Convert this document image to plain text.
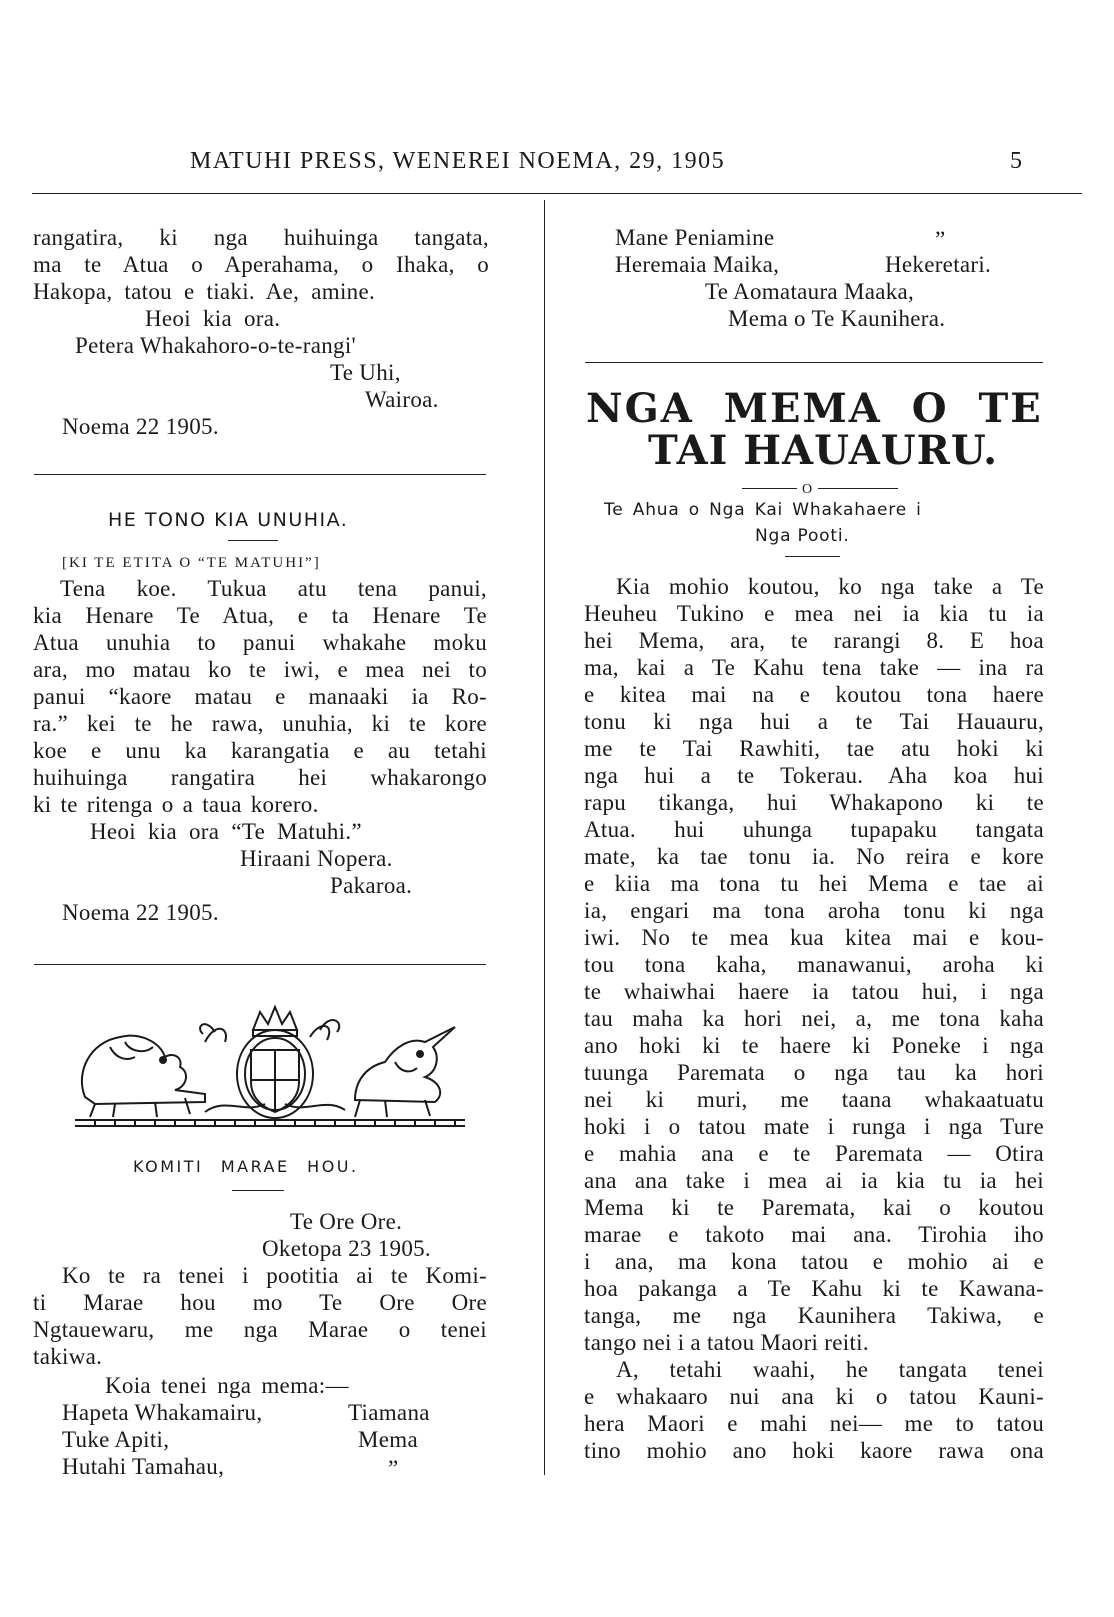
MATUHI PRESS, WENEREI NOEMA, 29, 1905	5
rangatira, ki nga huihuinga tangata,
ma te Atua o Aperahama, o Ihaka, o
Hakopa, tatou e tiaki. Ae, amine.
Heoi kia ora.
Petera Whakahoro-o-te-rangi'
Te Uhi,
Wairoa.
Noema 22 1905.
HE TONO KIA UNUHIA.
[KI TE ETITA O “TE MATUHI”]
Tena koe. Tukua atu tena panui,
kia Henare Te Atua, e ta Henare Te
Atua unuhia to panui whakahe moku
ara, mo matau ko te iwi, e mea nei to
panui “kaore matau e manaaki ia Ro-
ra.” kei te he rawa, unuhia, ki te kore
koe e unu ka karangatia e au tetahi
huihuinga rangatira hei whakarongo
ki te ritenga o a taua korero.
Heoi kia ora “Te Matuhi.”
Hiraani Nopera.
Pakaroa.
Noema 22 1905.
KOMITI MARAE HOU.
Te Ore Ore.
Oketopa 23 1905.
Ko te ra tenei i pootitia ai te Komi-
ti Marae hou mo Te Ore Ore
Ngtauewaru, me nga Marae o tenei
takiwa.
Koia tenei nga mema:—
Hapeta Whakamairu,	Tiamana
Tuke Apiti,	Mema
Hutahi Tamahau,	”
Mane Peniamine	”
Heremaia Maika,	Hekeretari.
Te Aomataura Maaka,
Mema o Te Kaunihera.
NGA MEMA O TE
TAI HAUAURU.
O
Te Ahua o Nga Kai Whakahaere i
Nga Pooti.
Kia mohio koutou, ko nga take a Te
Heuheu Tukino e mea nei ia kia tu ia
hei Mema, ara, te rarangi 8. E hoa
ma, kai a Te Kahu tena take — ina ra
e kitea mai na e koutou tona haere
tonu ki nga hui a te Tai Hauauru,
me te Tai Rawhiti, tae atu hoki ki
nga hui a te Tokerau. Aha koa hui
rapu tikanga, hui Whakapono ki te
Atua. hui uhunga tupapaku tangata
mate, ka tae tonu ia. No reira e kore
e kiia ma tona tu hei Mema e tae ai
ia, engari ma tona aroha tonu ki nga
iwi. No te mea kua kitea mai e kou-
tou tona kaha, manawanui, aroha ki
te whaiwhai haere ia tatou hui, i nga
tau maha ka hori nei, a, me tona kaha
ano hoki ki te haere ki Poneke i nga
tuunga Paremata o nga tau ka hori
nei ki muri, me taana whakaatuatu
hoki i o tatou mate i runga i nga Ture
e mahia ana e te Paremata — Otira
ana ana take i mea ai ia kia tu ia hei
Mema ki te Paremata, kai o koutou
marae e takoto mai ana. Tirohia iho
i ana, ma kona tatou e mohio ai e
hoa pakanga a Te Kahu ki te Kawana-
tanga, me nga Kaunihera Takiwa, e
tango nei i a tatou Maori reiti.
A, tetahi waahi, he tangata tenei
e whakaaro nui ana ki o tatou Kauni-
hera Maori e mahi nei— me to tatou
tino mohio ano hoki kaore rawa ona
